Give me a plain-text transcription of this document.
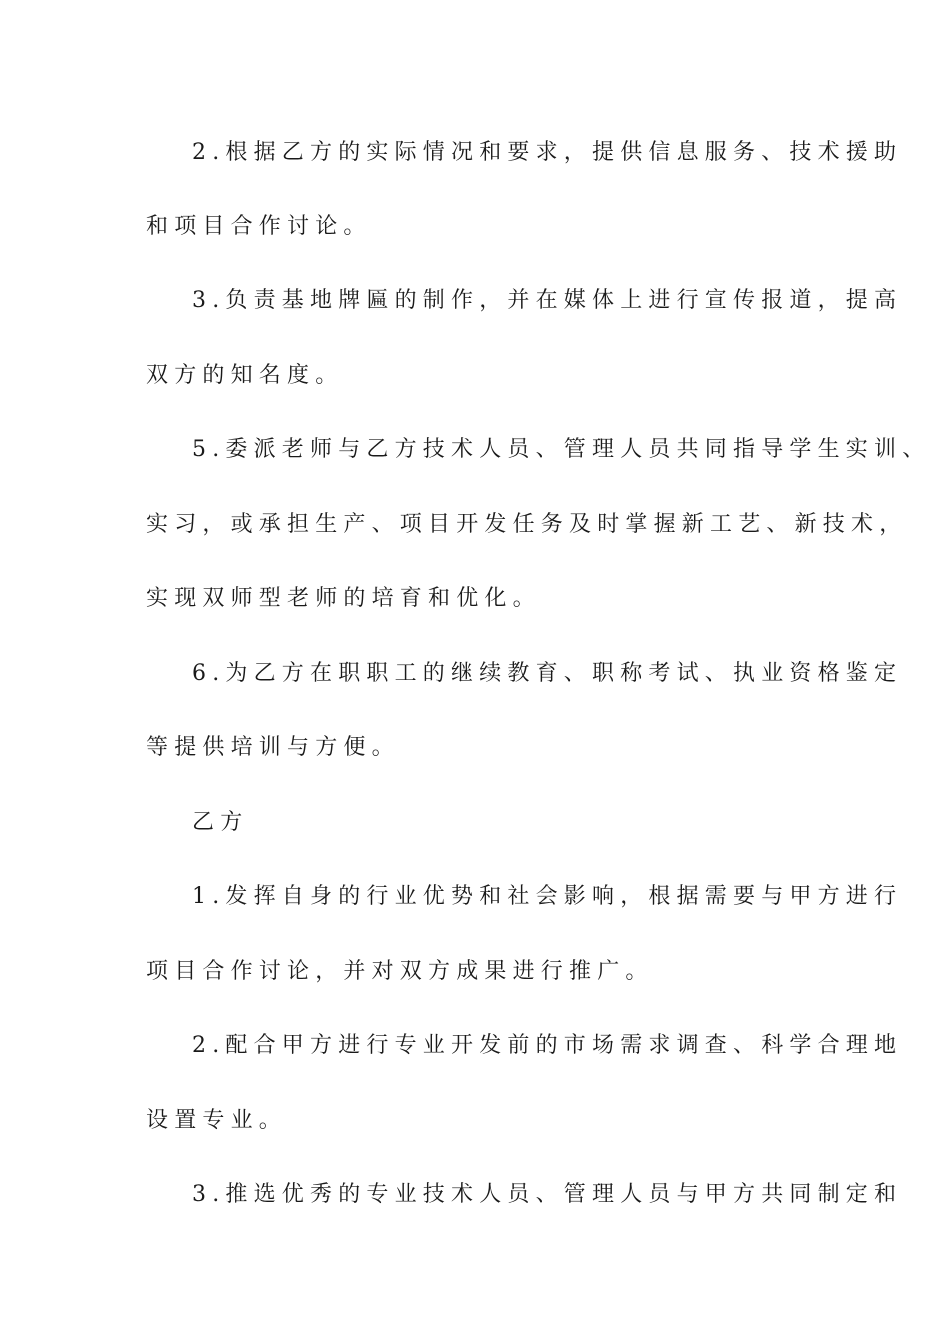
2.根据乙方的实际情况和要求，提供信息服务、技术援助
和项目合作讨论。
3.负责基地牌匾的制作，并在媒体上进行宣传报道，提高
双方的知名度。
5.委派老师与乙方技术人员、管理人员共同指导学生实训、
实习，或承担生产、项目开发任务及时掌握新工艺、新技术，
实现双师型老师的培育和优化。
6.为乙方在职职工的继续教育、职称考试、执业资格鉴定
等提供培训与方便。
乙方
1.发挥自身的行业优势和社会影响，根据需要与甲方进行
项目合作讨论，并对双方成果进行推广。
2.配合甲方进行专业开发前的市场需求调查、科学合理地
设置专业。
3.推选优秀的专业技术人员、管理人员与甲方共同制定和
